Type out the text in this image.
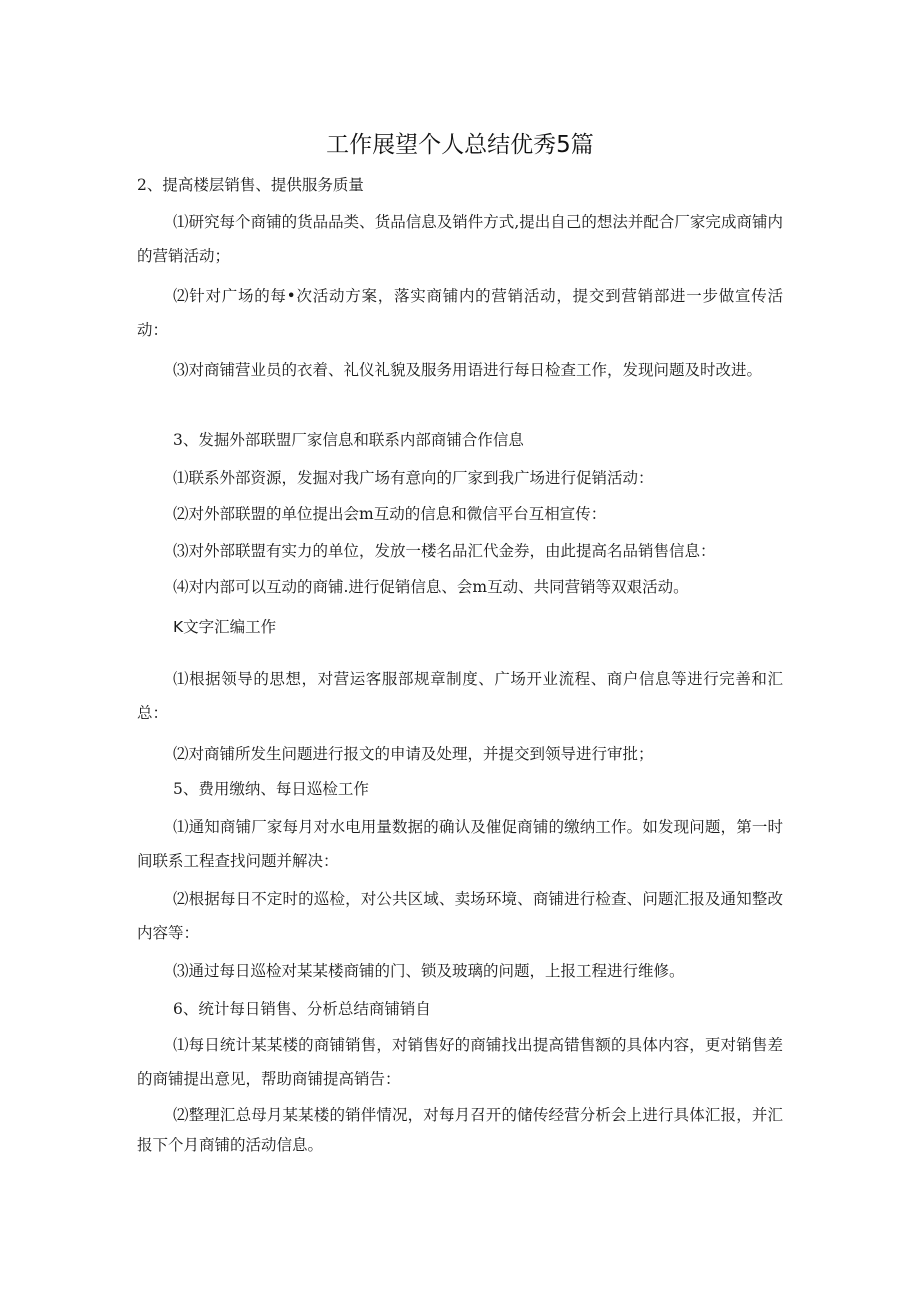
工作展望个人总结优秀5篇
2、提高楼层销售、提供服务质量
⑴研究每个商铺的货品品类、货品信息及销件方式,提出自己的想法并配合厂家完成商铺内的营销活动；
⑵针对广场的每•次活动方案，落实商铺内的营销活动，提交到营销部进一步做宣传活动：
⑶对商铺营业员的衣着、礼仪礼貌及服务用语进行每日检查工作，发现问题及时改进。
3、发掘外部联盟厂家信息和联系内部商铺合作信息
⑴联系外部资源，发掘对我广场有意向的厂家到我广场进行促销活动：
⑵对外部联盟的单位提出会m互动的信息和微信平台互相宣传：
⑶对外部联盟有实力的单位，发放一楼名品汇代金券，由此提高名品销售信息：
⑷对内部可以互动的商铺.进行促销信息、会m互动、共同营销等双艰活动。
K文字汇编工作
⑴根据领导的思想，对营运客服部规章制度、广场开业流程、商户信息等进行完善和汇总：
⑵对商铺所发生问题进行报文的申请及处理，并提交到领导进行审批；
5、费用缴纳、每日巡检工作
⑴通知商铺厂家每月对水电用量数据的确认及催促商铺的缴纳工作。如发现问题，第一时间联系工程查找问题并解决：
⑵根据每日不定时的巡检，对公共区域、卖场环境、商铺进行检查、问题汇报及通知整改内容等：
⑶通过每日巡检对某某楼商铺的门、锁及玻璃的问题，上报工程进行维修。
6、统计每日销售、分析总结商铺销自
⑴每日统计某某楼的商铺销售，对销售好的商铺找出提高错售额的具体内容，更对销售差的商铺提出意见，帮助商铺提高销告：
⑵整理汇总母月某某楼的销伴情况，对每月召开的储传经营分析会上进行具体汇报，并汇报下个月商铺的活动信息。
